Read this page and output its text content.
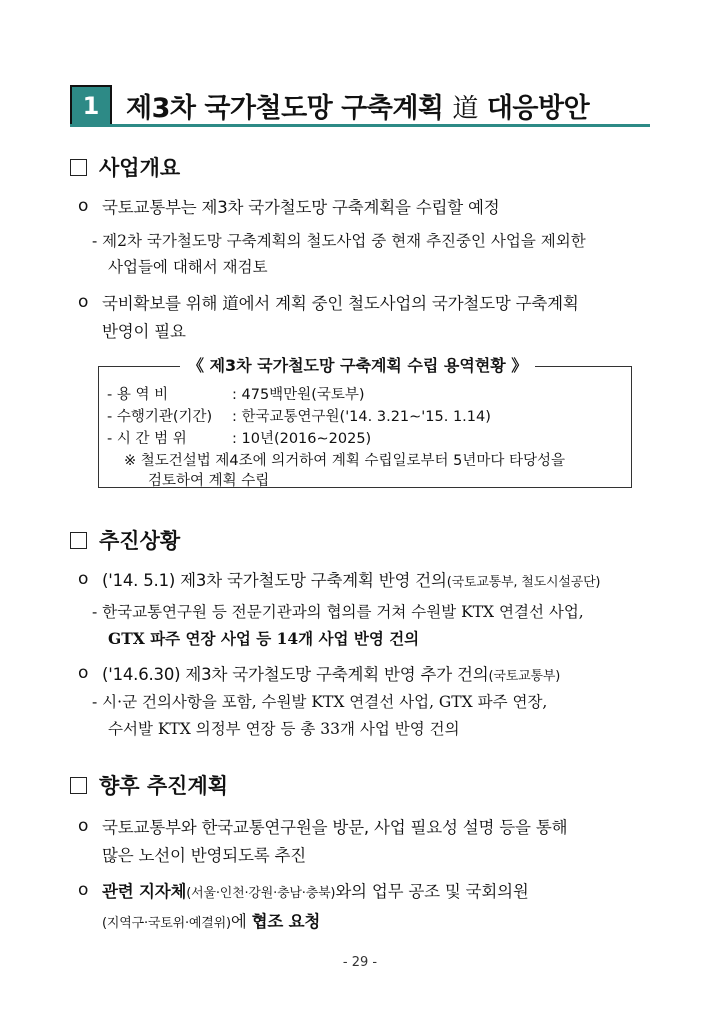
1 제3차 국가철도망 구축계획 道 대응방안
사업개요
o 국토교통부는 제3차 국가철도망 구축계획을 수립할 예정
- 제2차 국가철도망 구축계획의 철도사업 중 현재 추진중인 사업을 제외한
사업들에 대해서 재검토
o 국비확보를 위해 道에서 계획 중인 철도사업의 국가철도망 구축계획
반영이 필요
《 제3차 국가철도망 구축계획 수립 용역현황 》
- 용 역 비	: 475백만원(국토부)
- 수행기관(기간) : 한국교통연구원('14. 3.21∼'15. 1.14)
- 시 간 범 위	: 10년(2016∼2025)
※ 철도건설법 제4조에 의거하여 계획 수립일로부터 5년마다 타당성을
검토하여 계획 수립
추진상황
o ('14. 5.1) 제3차 국가철도망 구축계획 반영 건의(국토교통부, 철도시설공단)
- 한국교통연구원 등 전문기관과의 협의를 거쳐 수원발 KTX 연결선 사업,
GTX 파주 연장 사업 등 14개 사업 반영 건의
o ('14.6.30) 제3차 국가철도망 구축계획 반영 추가 건의(국토교통부)
- 시·군 건의사항을 포함, 수원발 KTX 연결선 사업, GTX 파주 연장,
수서발 KTX 의정부 연장 등 총 33개 사업 반영 건의
향후 추진계획
o 국토교통부와 한국교통연구원을 방문, 사업 필요성 설명 등을 통해
많은 노선이 반영되도록 추진
o 관련 지자체(서울·인천·강원·충남·충북)와의 업무 공조 및 국회의원
(지역구·국토위·예결위)에 협조 요청
- 29 -
